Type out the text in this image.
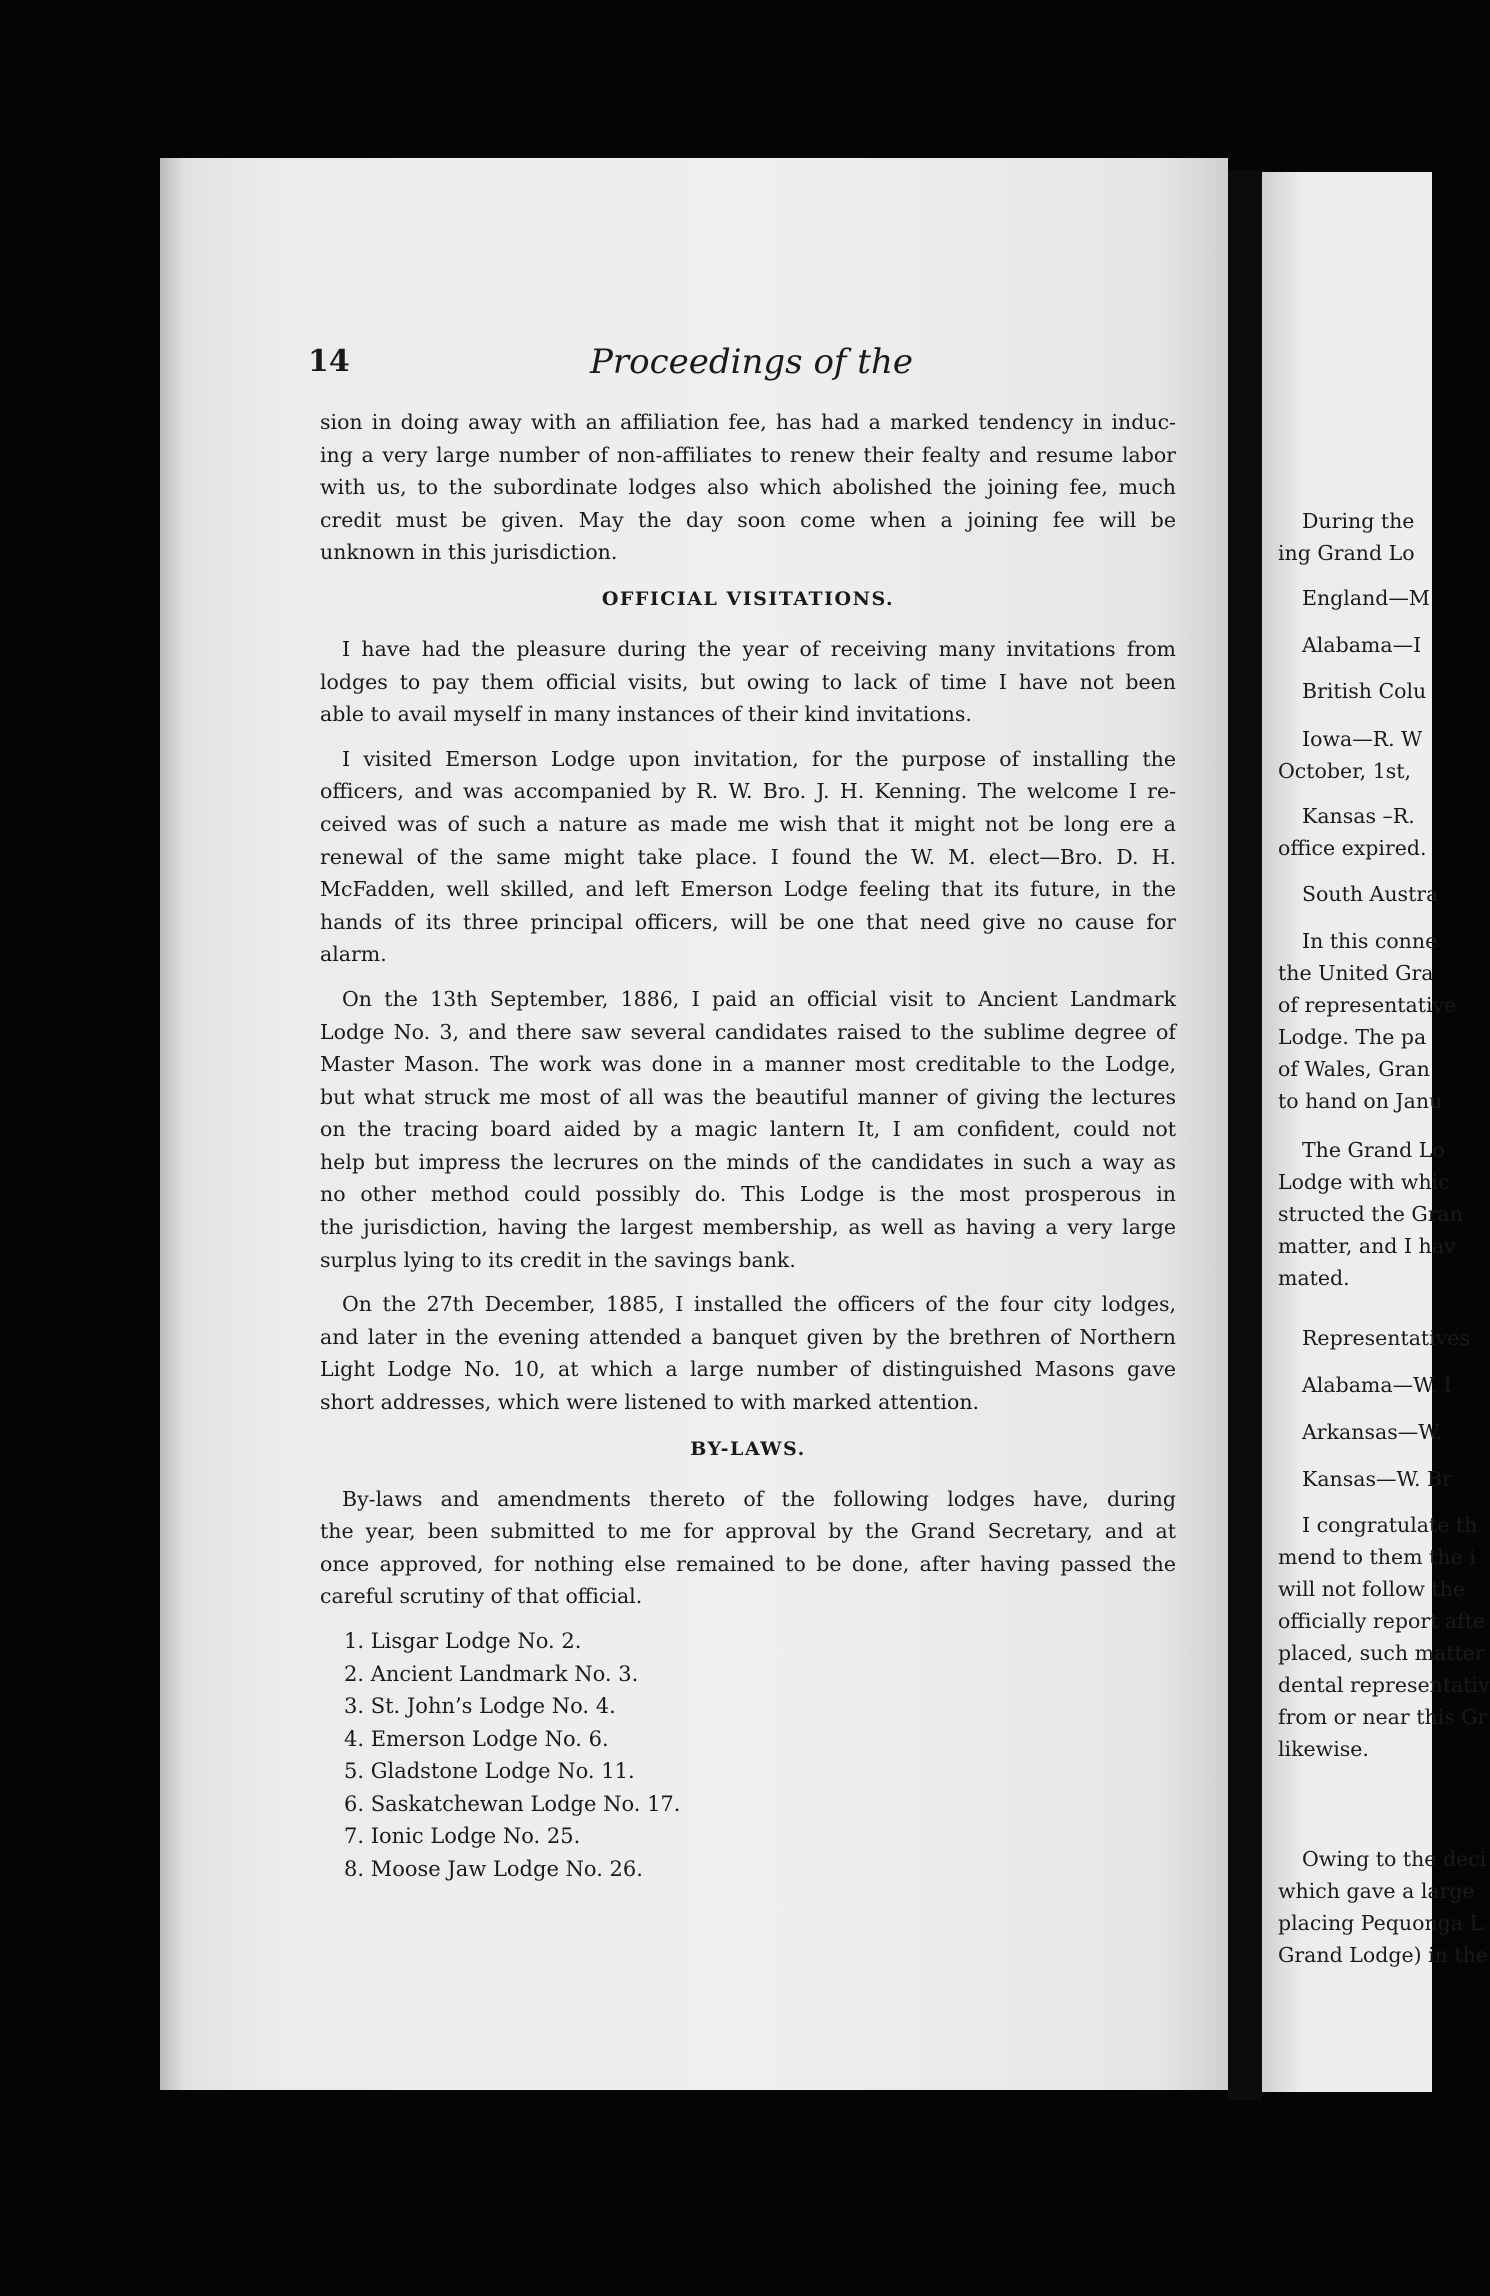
14	Proceedings of the
sion in doing away with an affiliation fee, has had a marked tendency in induc-
ing a very large number of non-affiliates to renew their fealty and resume labor
with us, to the subordinate lodges also which abolished the joining fee, much
credit must be given. May the day soon come when a joining fee will be
unknown in this jurisdiction.
OFFICIAL VISITATIONS.
I have had the pleasure during the year of receiving many invitations from
lodges to pay them official visits, but owing to lack of time I have not been
able to avail myself in many instances of their kind invitations.
I visited Emerson Lodge upon invitation, for the purpose of installing the
officers, and was accompanied by R. W. Bro. J. H. Kenning. The welcome I re-
ceived was of such a nature as made me wish that it might not be long ere a
renewal of the same might take place. I found the W. M. elect—Bro. D. H.
McFadden, well skilled, and left Emerson Lodge feeling that its future, in the
hands of its three principal officers, will be one that need give no cause for
alarm.
On the 13th September, 1886, I paid an official visit to Ancient Landmark
Lodge No. 3, and there saw several candidates raised to the sublime degree of
Master Mason. The work was done in a manner most creditable to the Lodge,
but what struck me most of all was the beautiful manner of giving the lectures
on the tracing board aided by a magic lantern It, I am confident, could not
help but impress the lecrures on the minds of the candidates in such a way as
no other method could possibly do. This Lodge is the most prosperous in
the jurisdiction, having the largest membership, as well as having a very large
surplus lying to its credit in the savings bank.
On the 27th December, 1885, I installed the officers of the four city lodges,
and later in the evening attended a banquet given by the brethren of Northern
Light Lodge No. 10, at which a large number of distinguished Masons gave
short addresses, which were listened to with marked attention.
BY-LAWS.
By-laws and amendments thereto of the following lodges have, during
the year, been submitted to me for approval by the Grand Secretary, and at
once approved, for nothing else remained to be done, after having passed the
careful scrutiny of that official.
1. Lisgar Lodge No. 2.
2. Ancient Landmark No. 3.
3. St. John’s Lodge No. 4.
4. Emerson Lodge No. 6.
5. Gladstone Lodge No. 11.
6. Saskatchewan Lodge No. 17.
7. Ionic Lodge No. 25.
8. Moose Jaw Lodge No. 26.
During the
ing Grand Lo
England—Μ
Alabama—I
British Colu
Iowa—R. W
October, 1st,
Kansas –R.
office expired.
South Austra
In this conne
the United Gra
of representative
Lodge. The pa
of Wales, Gran
to hand on Janu
The Grand Lo
Lodge with whic
structed the Gran
matter, and I hav
mated.
Representatives
Alabama—W. I
Arkansas—W.
Kansas—W. Br
I congratulate th
mend to them the i
will not follow the
officially report afte
placed, such matter
dental representativ
from or near this Gr
likewise.
Owing to the deci
which gave a large
placing Pequonga L
Grand Lodge) in the
